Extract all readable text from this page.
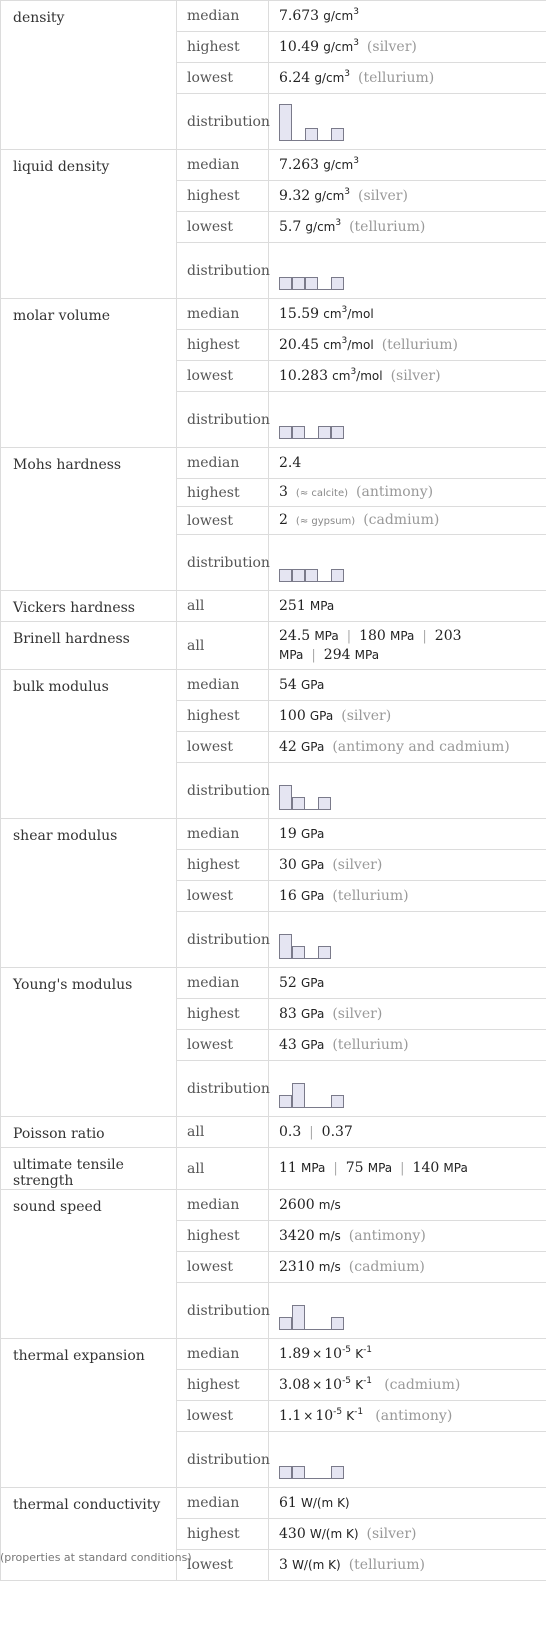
density	median	7.673 $g/cm^3$
	highest	10.49 $g/cm^3$ (silver)
	lowest	6.24 $g/cm^3$ (tellurium)
	distribution	

liquid density	median	7.263 $g/cm^3$
	highest	9.32 $g/cm^3$ (silver)
	lowest	5.7 $g/cm^3$ (tellurium)
	distribution	

molar volume	median	15.59 $cm^3$/mol
	highest	20.45 $cm^3$/mol (tellurium)
	lowest	10.283 $cm^3$/mol (silver)
	distribution	

Mohs hardness	median	2.4
	highest	3 (≈ calcite) (antimony)
	lowest	2 (≈ gypsum) (cadmium)
	distribution	

Vickers hardness	all	251 MPa
Brinell hardness	all	24.5 MPa | 180 MPa | 203 MPa | 294 MPa
bulk modulus	median	54 GPa
	highest	100 GPa (silver)
	lowest	42 GPa (antimony and cadmium)
	distribution	

shear modulus	median	19 GPa
	highest	30 GPa (silver)
	lowest	16 GPa (tellurium)
	distribution	

Young's modulus	median	52 GPa
	highest	83 GPa (silver)
	lowest	43 GPa (tellurium)
	distribution	

Poisson ratio	all	0.3 | 0.37
ultimate tensile strength	all	11 MPa | 75 MPa | 140 MPa
sound speed	median	2600 m/s
	highest	3420 m/s (antimony)
	lowest	2310 m/s (cadmium)
	distribution	

thermal expansion	median	$1.89 \times 10^{-5}$ $K^{-1}$
	highest	$3.08 \times 10^{-5}$ $K^{-1}$ (cadmium)
	lowest	$1.1 \times 10^{-5}$ $K^{-1}$ (antimony)
	distribution	

thermal conductivity	median	61 W/(m K)
	highest	430 W/(m K) (silver)
	lowest	3 W/(m K) (tellurium)
(properties at standard conditions)
